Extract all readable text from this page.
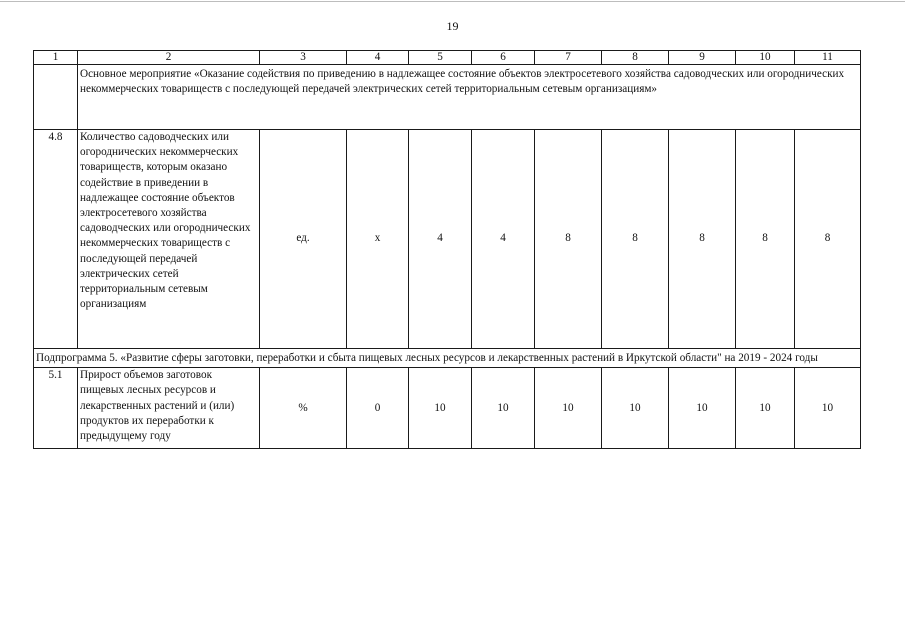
19
1	2	3	4	5	6	7	8	9	10	11

	Основное мероприятие «Оказание содействия по приведению в надлежащее состояние объектов электросетевого хозяйства садоводческих или огороднических некоммерческих товариществ с последующей передачей электрических сетей территориальным сетевым организациям»									

4.8	Количество садоводческих или огороднических некоммерческих товариществ, которым оказано содействие в приведении в надлежащее состояние объектов электросетевого хозяйства садоводческих или огороднических некоммерческих товариществ с последующей передачей электрических сетей территориальным сетевым организациям	ед.	х	4	4	8	8	8	8	8
Подпрограмма 5. «Развитие сферы заготовки, переработки и сбыта пищевых лесных ресурсов и лекарственных растений в Иркутской области" на 2019 - 2024 годы										
5.1	Прирост объемов заготовок пищевых лесных ресурсов и лекарственных растений и (или) продуктов их переработки к предыдущему году	%	0	10	10	10	10	10	10	10
